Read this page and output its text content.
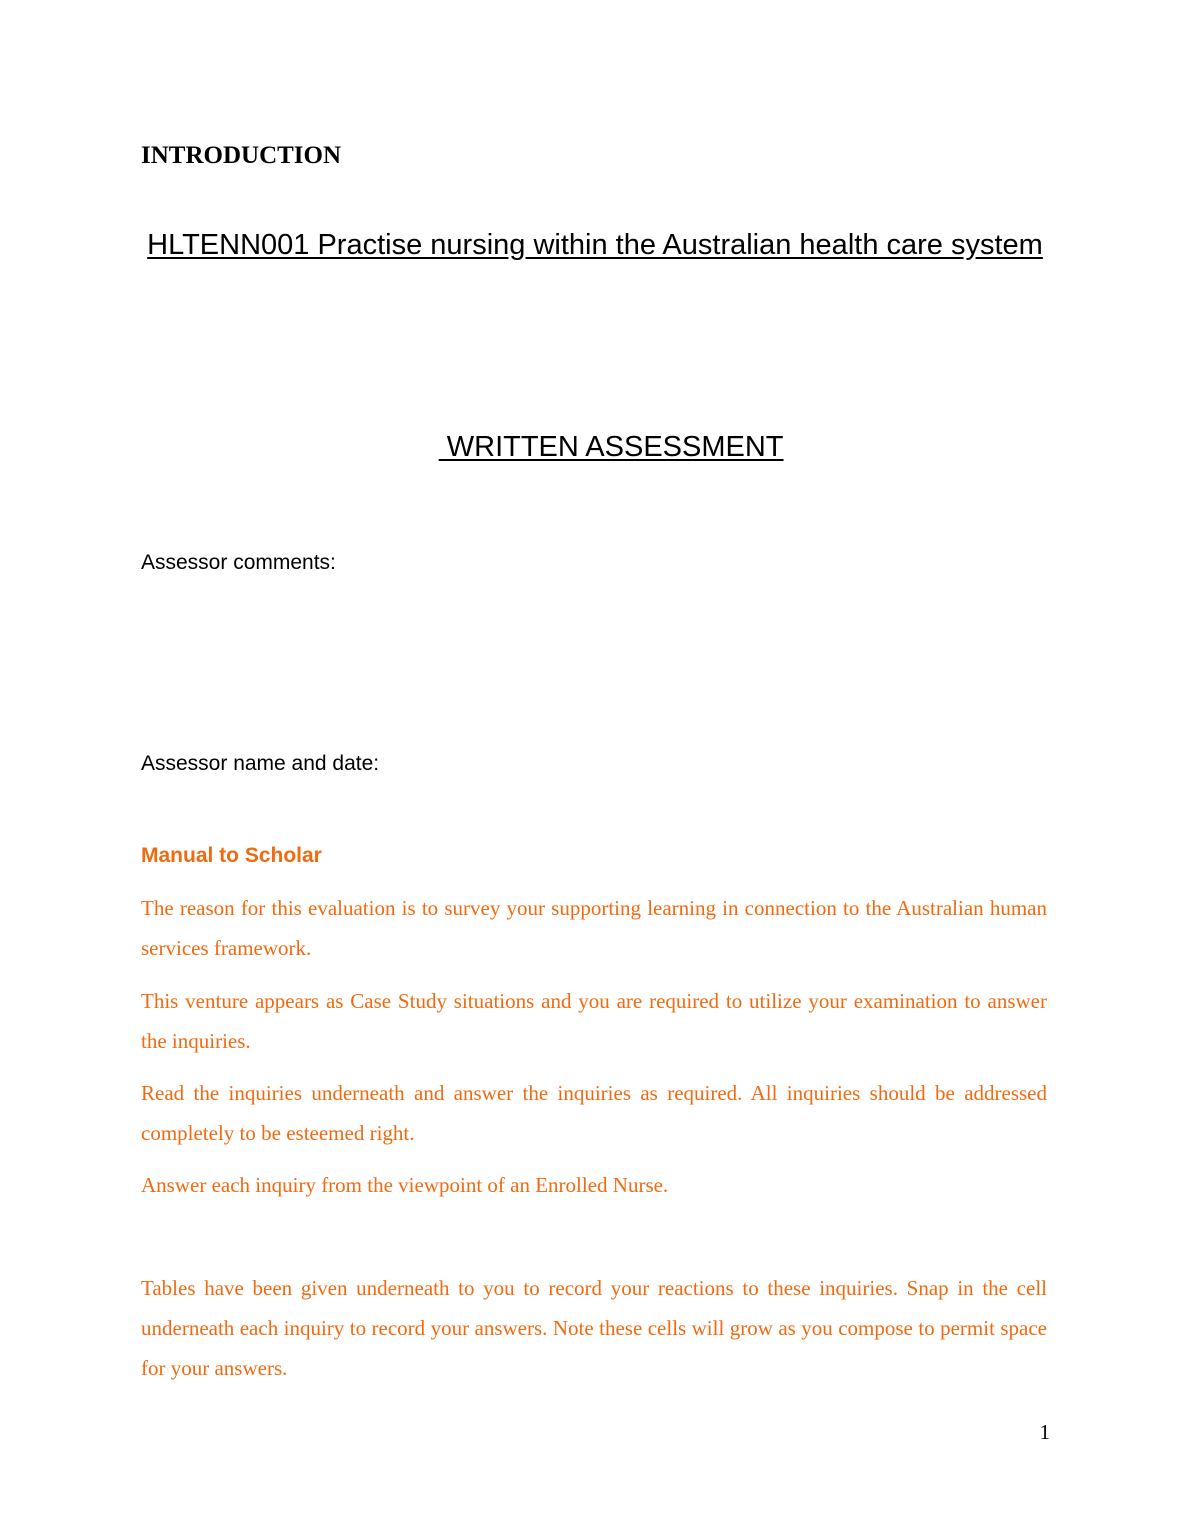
INTRODUCTION
HLTENN001 Practise nursing within the Australian health care system

WRITTEN ASSESSMENT

Assessor comments:
Assessor name and date:
Manual to Scholar

The reason for this evaluation is to survey your supporting learning in connection to the Australian human services framework.

This venture appears as Case Study situations and you are required to utilize your examination to answer the inquiries.

Read the inquiries underneath and answer the inquiries as required. All inquiries should be addressed completely to be esteemed right.

Answer each inquiry from the viewpoint of an Enrolled Nurse.

Tables have been given underneath to you to record your reactions to these inquiries. Snap in the cell underneath each inquiry to record your answers. Note these cells will grow as you compose to permit space for your answers.

1
